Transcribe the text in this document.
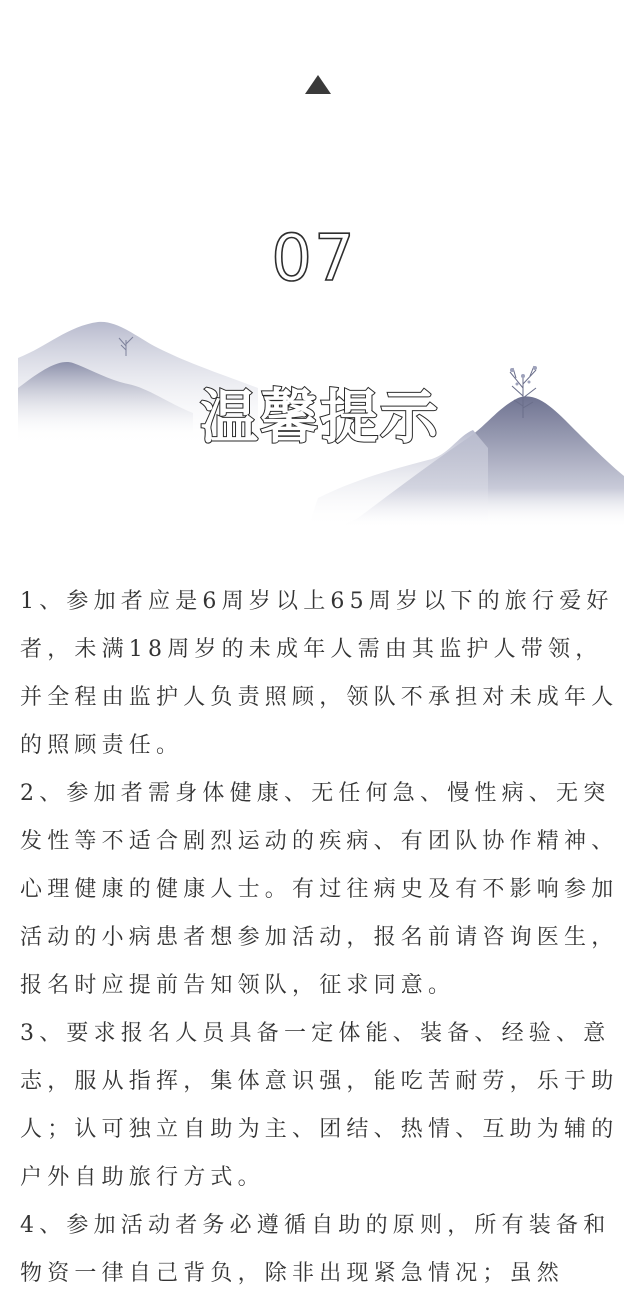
07
温馨提示

1、参加者应是6周岁以上65周岁以下的旅行爱好者，未满18周岁的未成年人需由其监护人带领，并全程由监护人负责照顾，领队不承担对未成年人的照顾责任。

2、参加者需身体健康、无任何急、慢性病、无突发性等不适合剧烈运动的疾病、有团队协作精神、心理健康的健康人士。有过往病史及有不影响参加活动的小病患者想参加活动，报名前请咨询医生，报名时应提前告知领队，征求同意。

3、要求报名人员具备一定体能、装备、经验、意志，服从指挥，集体意识强，能吃苦耐劳，乐于助人；认可独立自助为主、团结、热情、互助为辅的户外自助旅行方式。

4、参加活动者务必遵循自助的原则，所有装备和物资一律自己背负，除非出现紧急情况；虽然
